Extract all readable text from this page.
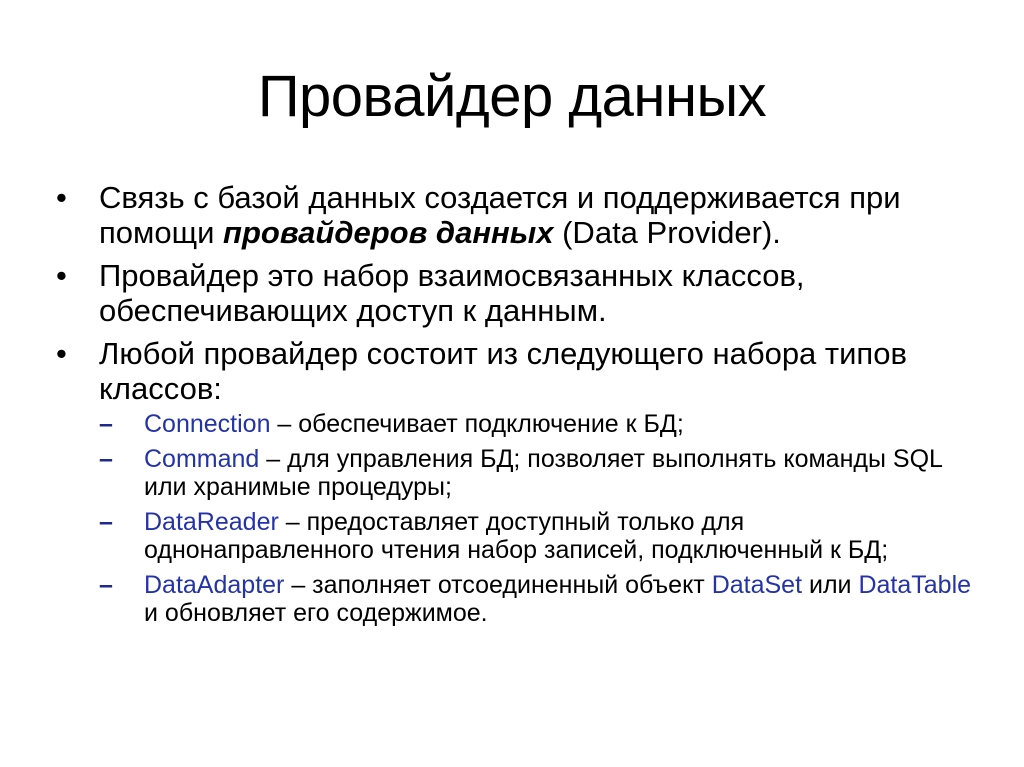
Провайдер данных
• Связь с базой данных создается и поддерживается при помощи провайдеров данных (Data Provider).
• Провайдер это набор взаимосвязанных классов, обеспечивающих доступ к данным.
• Любой провайдер состоит из следующего набора типов классов:
– Connection – обеспечивает подключение к БД;
– Command – для управления БД; позволяет выполнять команды SQL или хранимые процедуры;
– DataReader – предоставляет доступный только для однонаправленного чтения набор записей, подключенный к БД;
– DataAdapter – заполняет отсоединенный объект DataSet или DataTable и обновляет его содержимое.
